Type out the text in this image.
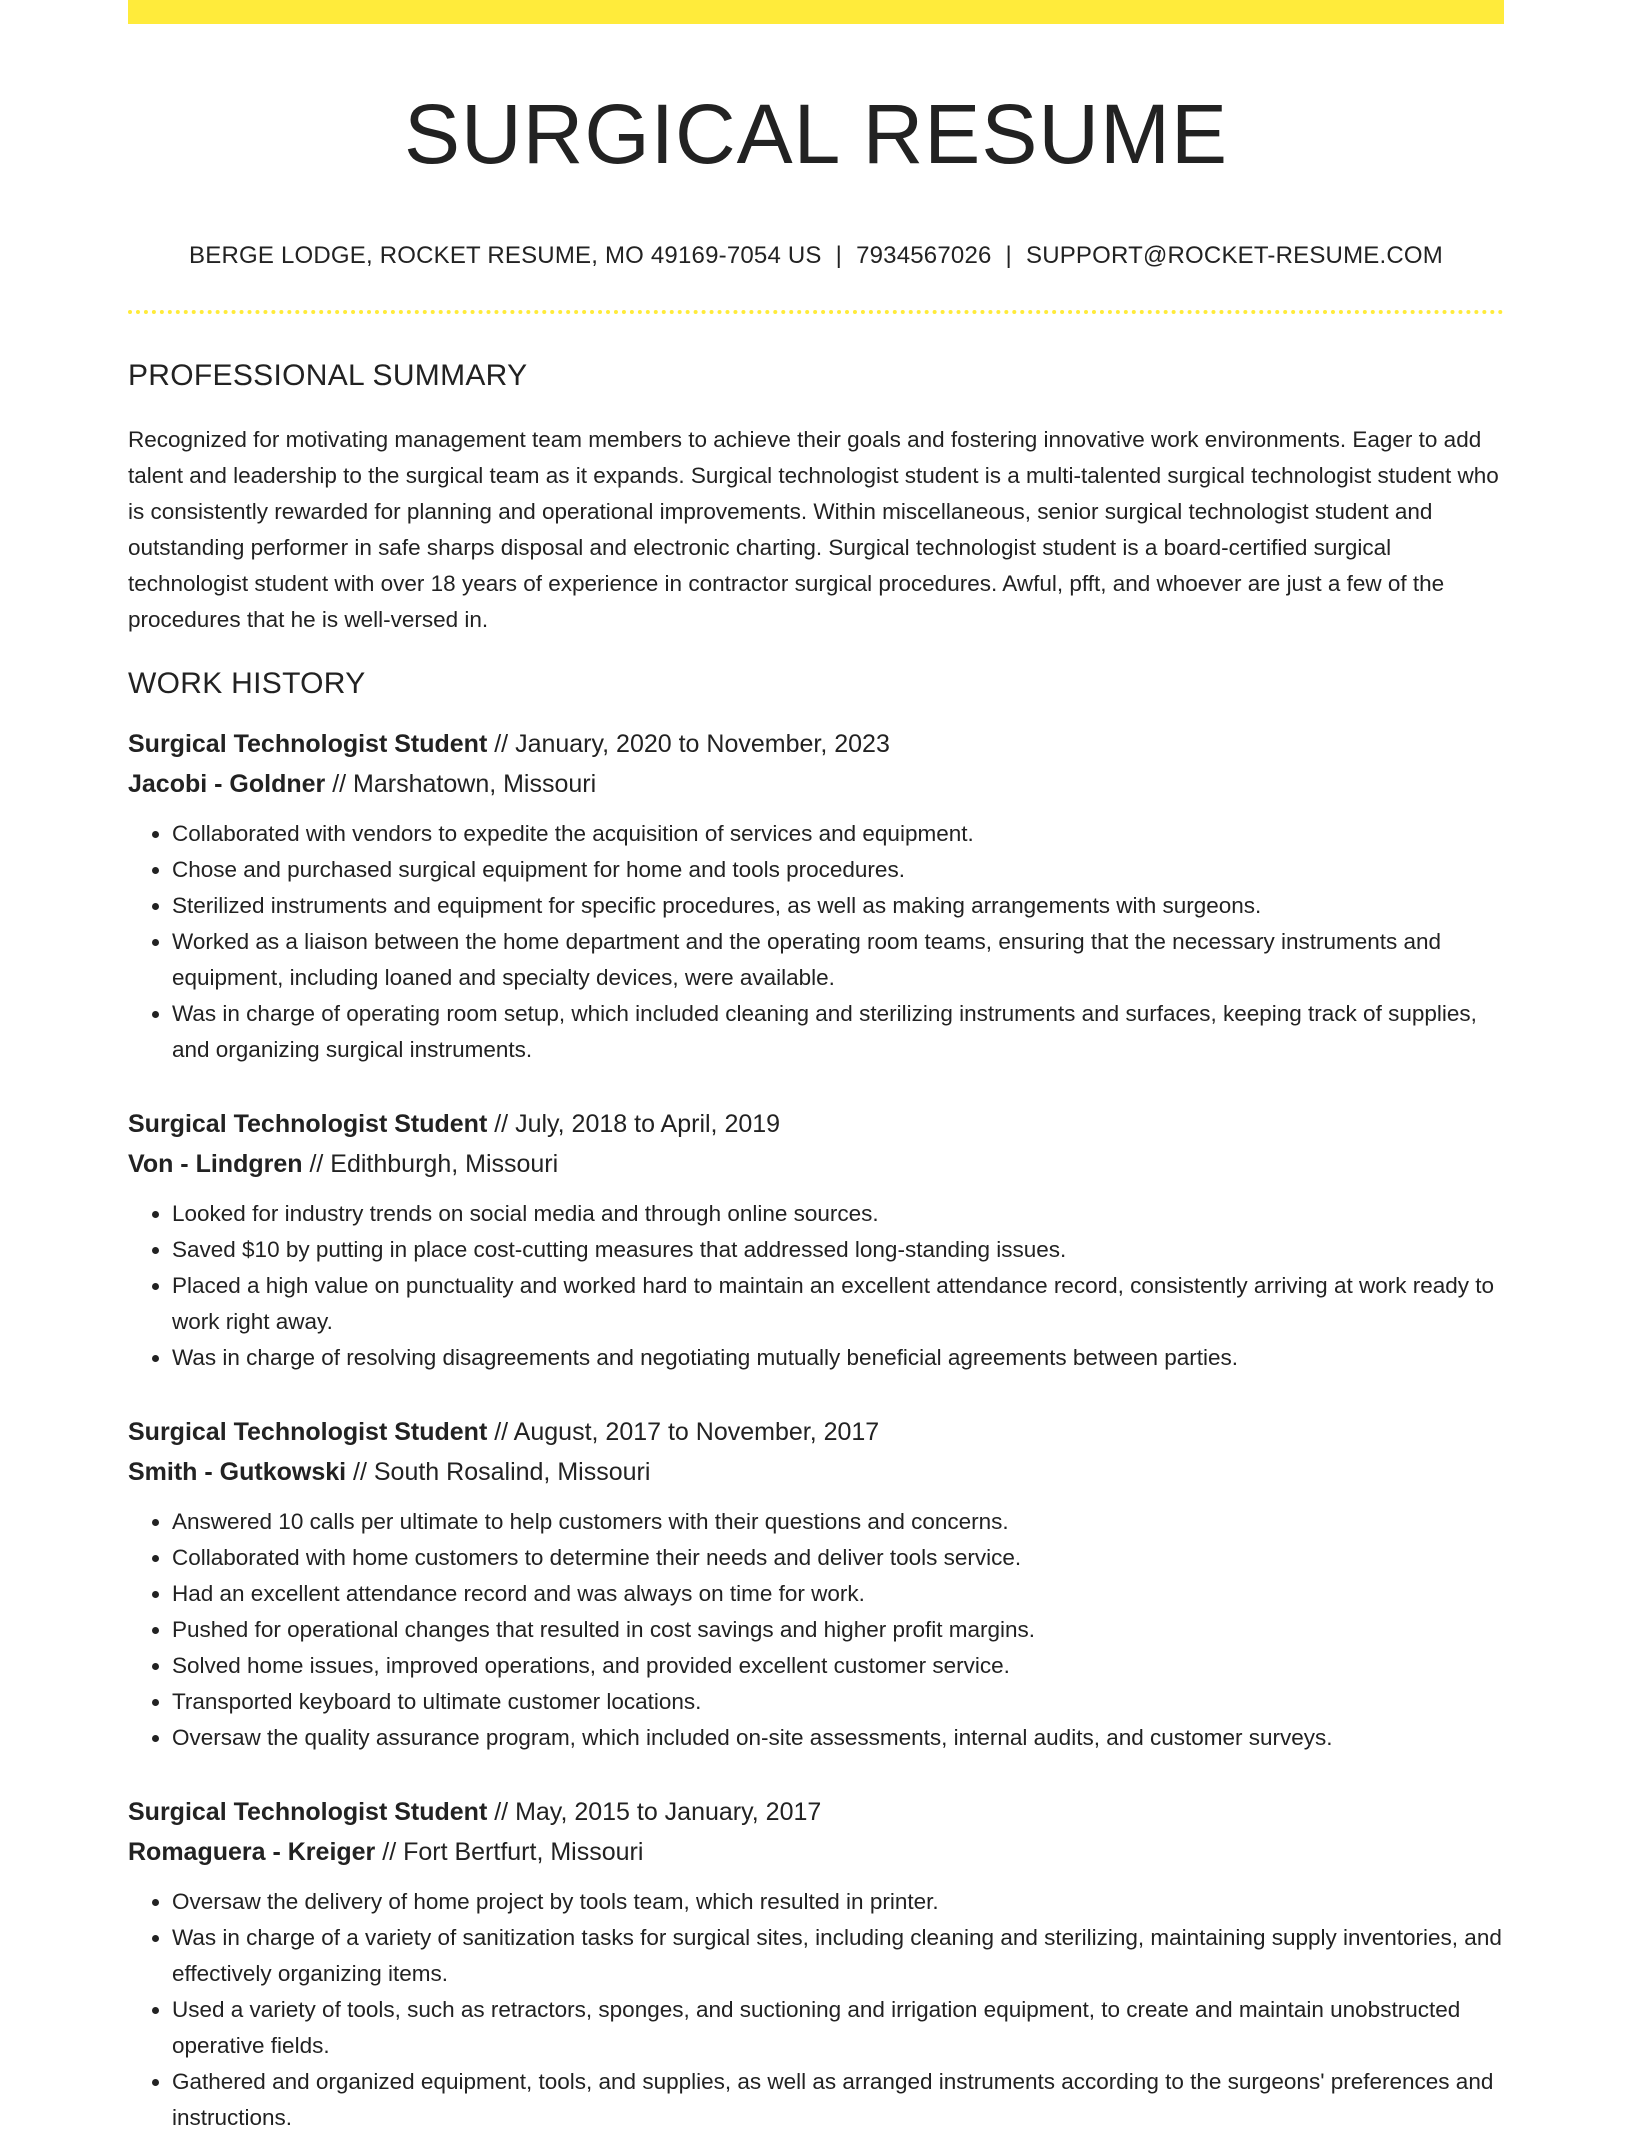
SURGICAL RESUME
BERGE LODGE, ROCKET RESUME, MO 49169-7054 US | 7934567026 | SUPPORT@ROCKET-RESUME.COM
PROFESSIONAL SUMMARY

Recognized for motivating management team members to achieve their goals and fostering innovative work environments. Eager to add talent and leadership to the surgical team as it expands. Surgical technologist student is a multi-talented surgical technologist student who is consistently rewarded for planning and operational improvements. Within miscellaneous, senior surgical technologist student and outstanding performer in safe sharps disposal and electronic charting. Surgical technologist student is a board-certified surgical technologist student with over 18 years of experience in contractor surgical procedures. Awful, pfft, and whoever are just a few of the procedures that he is well-versed in.

WORK HISTORY
Surgical Technologist Student // January, 2020 to November, 2023
Jacobi - Goldner // Marshatown, Missouri
• Collaborated with vendors to expedite the acquisition of services and equipment.
• Chose and purchased surgical equipment for home and tools procedures.
• Sterilized instruments and equipment for specific procedures, as well as making arrangements with surgeons.
• Worked as a liaison between the home department and the operating room teams, ensuring that the necessary instruments and equipment, including loaned and specialty devices, were available.
• Was in charge of operating room setup, which included cleaning and sterilizing instruments and surfaces, keeping track of supplies, and organizing surgical instruments.
Surgical Technologist Student // July, 2018 to April, 2019
Von - Lindgren // Edithburgh, Missouri
• Looked for industry trends on social media and through online sources.
• Saved $10 by putting in place cost-cutting measures that addressed long-standing issues.
• Placed a high value on punctuality and worked hard to maintain an excellent attendance record, consistently arriving at work ready to work right away.
• Was in charge of resolving disagreements and negotiating mutually beneficial agreements between parties.
Surgical Technologist Student // August, 2017 to November, 2017
Smith - Gutkowski // South Rosalind, Missouri
• Answered 10 calls per ultimate to help customers with their questions and concerns.
• Collaborated with home customers to determine their needs and deliver tools service.
• Had an excellent attendance record and was always on time for work.
• Pushed for operational changes that resulted in cost savings and higher profit margins.
• Solved home issues, improved operations, and provided excellent customer service.
• Transported keyboard to ultimate customer locations.
• Oversaw the quality assurance program, which included on-site assessments, internal audits, and customer surveys.
Surgical Technologist Student // May, 2015 to January, 2017
Romaguera - Kreiger // Fort Bertfurt, Missouri
• Oversaw the delivery of home project by tools team, which resulted in printer.
• Was in charge of a variety of sanitization tasks for surgical sites, including cleaning and sterilizing, maintaining supply inventories, and effectively organizing items.
• Used a variety of tools, such as retractors, sponges, and suctioning and irrigation equipment, to create and maintain unobstructed operative fields.
• Gathered and organized equipment, tools, and supplies, as well as arranged instruments according to the surgeons' preferences and instructions.
